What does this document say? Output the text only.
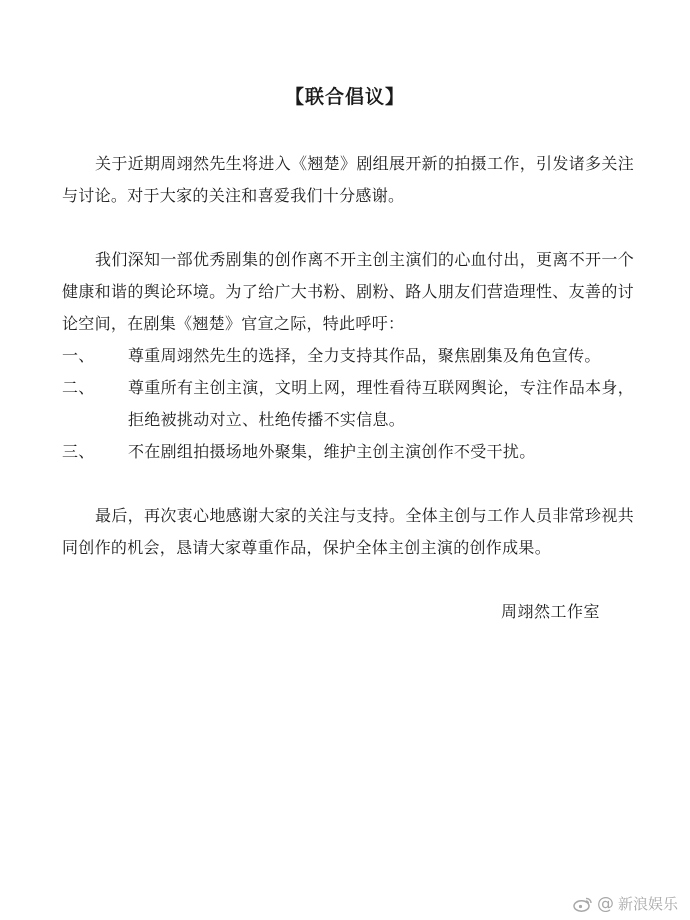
【联合倡议】

关于近期周翊然先生将进入《翘楚》剧组展开新的拍摄工作，引发诸多关注与讨论。对于大家的关注和喜爱我们十分感谢。

我们深知一部优秀剧集的创作离不开主创主演们的心血付出，更离不开一个健康和谐的舆论环境。为了给广大书粉、剧粉、路人朋友们营造理性、友善的讨论空间，在剧集《翘楚》官宣之际，特此呼吁：

一、 尊重周翊然先生的选择，全力支持其作品，聚焦剧集及角色宣传。
二、 尊重所有主创主演，文明上网，理性看待互联网舆论，专注作品本身，拒绝被挑动对立、杜绝传播不实信息。
三、 不在剧组拍摄场地外聚集，维护主创主演创作不受干扰。

最后，再次衷心地感谢大家的关注与支持。全体主创与工作人员非常珍视共同创作的机会，恳请大家尊重作品，保护全体主创主演的创作成果。

周翊然工作室

@ 新浪娱乐
